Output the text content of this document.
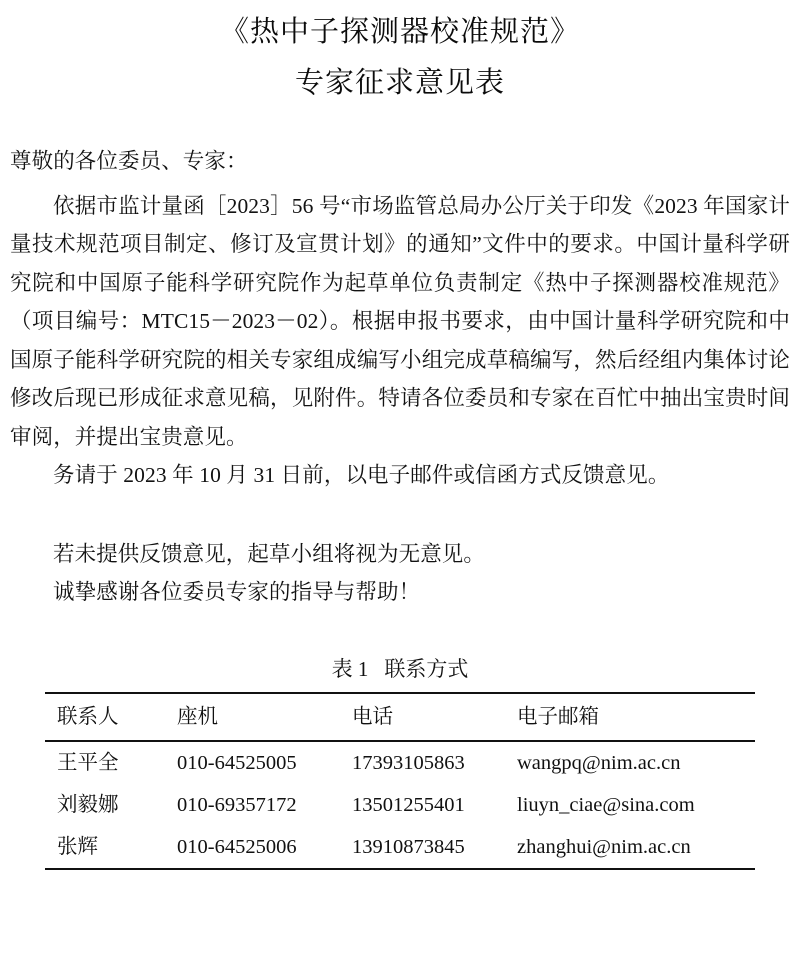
《热中子探测器校准规范》
专家征求意见表

尊敬的各位委员、专家：

依据市监计量函［2023］56 号“市场监管总局办公厅关于印发《2023 年国家计量技术规范项目制定、修订及宣贯计划》的通知”文件中的要求。中国计量科学研究院和中国原子能科学研究院作为起草单位负责制定《热中子探测器校准规范》（项目编号：MTC15－2023－02）。根据申报书要求，由中国计量科学研究院和中国原子能科学研究院的相关专家组成编写小组完成草稿编写，然后经组内集体讨论修改后现已形成征求意见稿，见附件。特请各位委员和专家在百忙中抽出宝贵时间审阅，并提出宝贵意见。

务请于 2023 年 10 月 31 日前，以电子邮件或信函方式反馈意见。

若未提供反馈意见，起草小组将视为无意见。

诚挚感谢各位委员专家的指导与帮助！

表 1 联系方式
联系人	座机	电话	电子邮箱
王平全	010-64525005	17393105863	wangpq@nim.ac.cn
刘毅娜	010-69357172	13501255401	liuyn_ciae@sina.com
张辉	010-64525006	13910873845	zhanghui@nim.ac.cn
